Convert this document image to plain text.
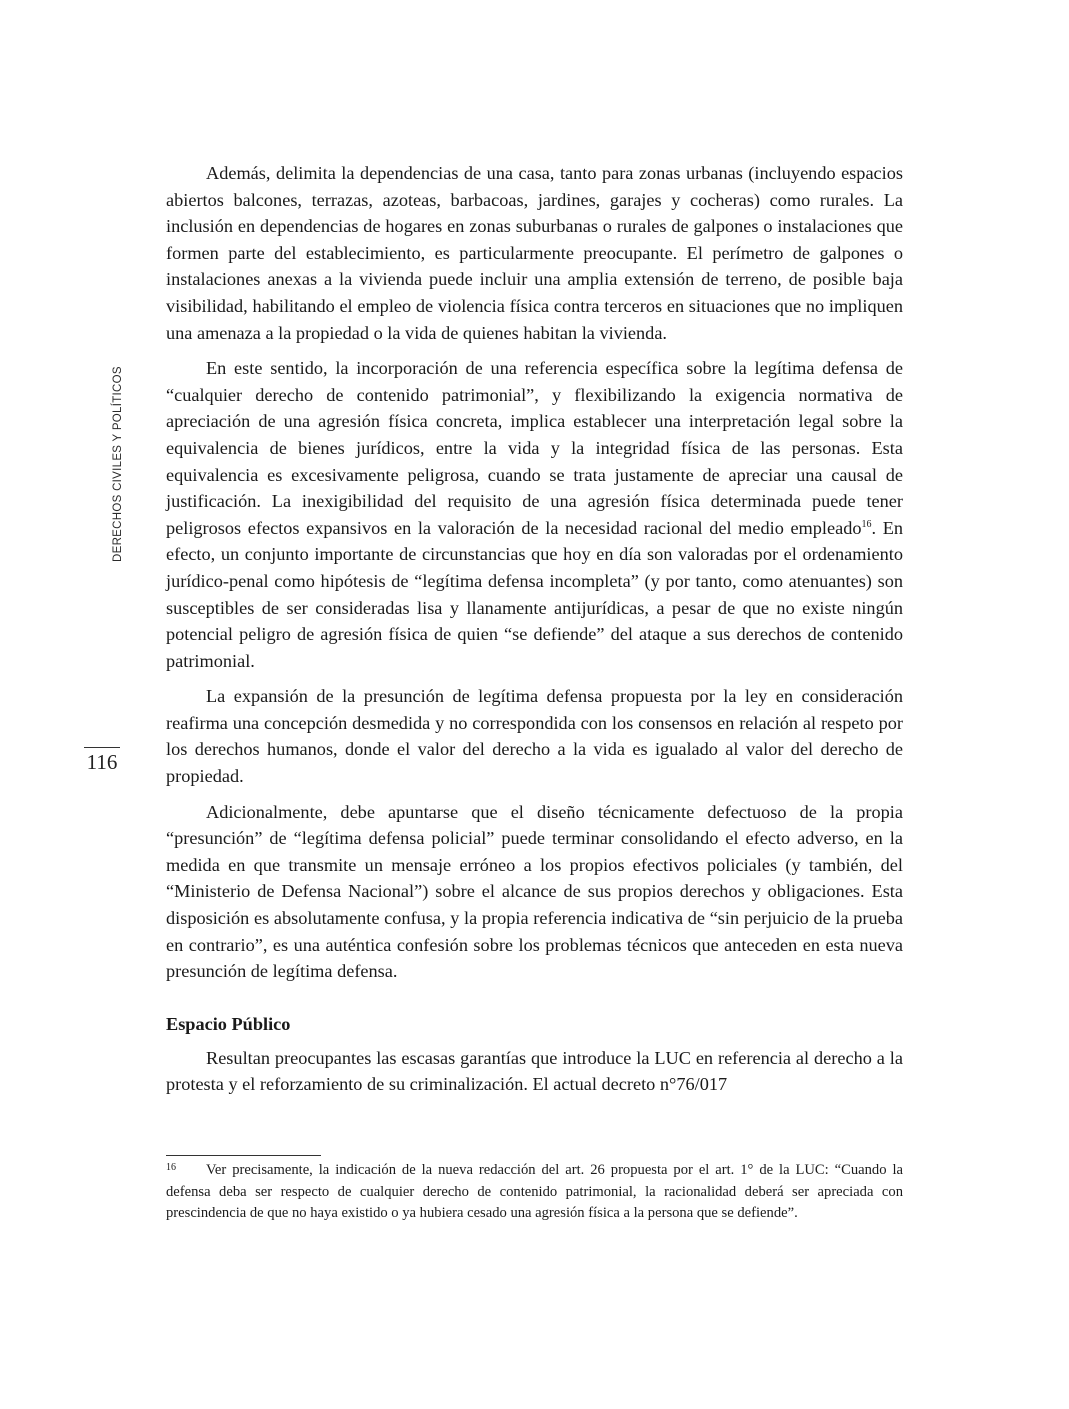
DERECHOS CIVILES Y POLÍTICOS
116

Además, delimita la dependencias de una casa, tanto para zonas urbanas (incluyendo espacios abiertos balcones, terrazas, azoteas, barbacoas, jardines, garajes y cocheras) como rurales. La inclusión en dependencias de hogares en zonas suburbanas o rurales de galpones o instalaciones que formen parte del establecimiento, es particularmente preocupante. El perímetro de galpones o instalaciones anexas a la vivienda puede incluir una amplia extensión de terreno, de posible baja visibilidad, habilitando el empleo de violencia física contra terceros en situaciones que no impliquen una amenaza a la propiedad o la vida de quienes habitan la vivienda.

En este sentido, la incorporación de una referencia específica sobre la legítima defensa de “cualquier derecho de contenido patrimonial”, y flexibilizando la exigencia normativa de apreciación de una agresión física concreta, implica establecer una interpretación legal sobre la equivalencia de bienes jurídicos, entre la vida y la integridad física de las personas. Esta equivalencia es excesivamente peligrosa, cuando se trata justamente de apreciar una causal de justificación. La inexigibilidad del requisito de una agresión física determinada puede tener peligrosos efectos expansivos en la valoración de la necesidad racional del medio empleado$^{16}$. En efecto, un conjunto importante de circunstancias que hoy en día son valoradas por el ordenamiento jurídico-penal como hipótesis de “legítima defensa incompleta” (y por tanto, como atenuantes) son susceptibles de ser consideradas lisa y llanamente antijurídicas, a pesar de que no existe ningún potencial peligro de agresión física de quien “se defiende” del ataque a sus derechos de contenido patrimonial.

La expansión de la presunción de legítima defensa propuesta por la ley en consideración reafirma una concepción desmedida y no correspondida con los consensos en relación al respeto por los derechos humanos, donde el valor del derecho a la vida es igualado al valor del derecho de propiedad.

Adicionalmente, debe apuntarse que el diseño técnicamente defectuoso de la propia “presunción” de “legítima defensa policial” puede terminar consolidando el efecto adverso, en la medida en que transmite un mensaje erróneo a los propios efectivos policiales (y también, del “Ministerio de Defensa Nacional”) sobre el alcance de sus propios derechos y obligaciones. Esta disposición es absolutamente confusa, y la propia referencia indicativa de “sin perjuicio de la prueba en contrario”, es una auténtica confesión sobre los problemas técnicos que anteceden en esta nueva presunción de legítima defensa.

Espacio Público

Resultan preocupantes las escasas garantías que introduce la LUC en referencia al derecho a la protesta y el reforzamiento de su criminalización. El actual decreto n°76/017

16 Ver precisamente, la indicación de la nueva redacción del art. 26 propuesta por el art. 1° de la LUC: “Cuando la defensa deba ser respecto de cualquier derecho de contenido patrimonial, la racionalidad deberá ser apreciada con prescindencia de que no haya existido o ya hubiera cesado una agresión física a la persona que se defiende”.
